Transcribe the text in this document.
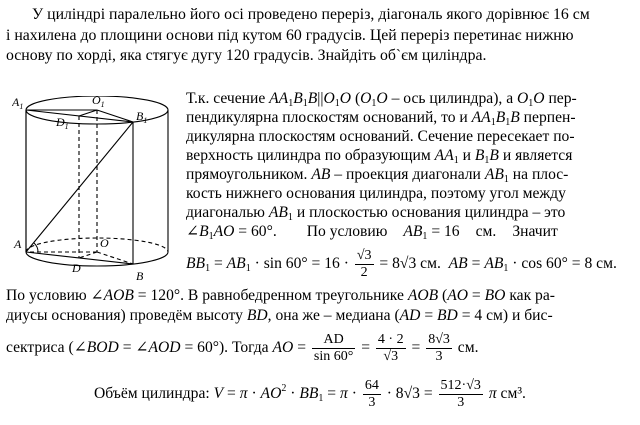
У циліндрі паралельно його осі проведено переріз, діагональ якого дорівнює 16 см
і нахилена до площини основи під кутом 60 градусів. Цей переріз перетинає нижню
основу по хорді, яка стягує дугу 120 градусів. Знайдіть об`єм циліндра.
$A_1$
$D_1$
$O_1$
$B_1$
A
D
O
B
Т.к. сечение $AA_1B_1B||O_1O$ ($O_1O$ – ось цилиндра), а $O_1O$ пер-
пендикулярна плоскостям оснований, то и $AA_1B_1B$ перпен-
дикулярна плоскостям оснований. Сечение пересекает по-
верхность цилиндра по образующим $AA_1$ и $B_1B$ и является
прямоугольником. AB – проекция диагонали $AB_1$ на плос-
кость нижнего основания цилиндра, поэтому угол между
диагональю $AB_1$ и плоскостью основания цилиндра – это
$\angle B_1AO = 60^\circ$. По условию $AB_1 = 16$ см. Значит
$BB_1 = AB_1 \cdot \sin 60^\circ = 16 \cdot \frac{√3}{2} = 8√3$ см. AB = $AB_1 \cdot \cos 60^\circ = 8$ см.
По условию ∠AOB = 120°. В равнобедренном треугольнике AOB (AO = BO как ра-
диусы основания) проведём высоту BD, она же – медиана (AD = BD = 4 см) и бис-
сектриса (∠BOD = ∠AOD = 60°). Тогда AO = $\frac{AD}{\sin 60^\circ} = \frac{4 \cdot 2}{√3} = \frac{8√3}{3}$ см.
Объём цилиндра: $V = \pi \cdot AO^2 \cdot BB_1 = \pi \cdot \frac{64}{3} \cdot 8√3 = \frac{512\cdot√3}{3}$ π см³.
